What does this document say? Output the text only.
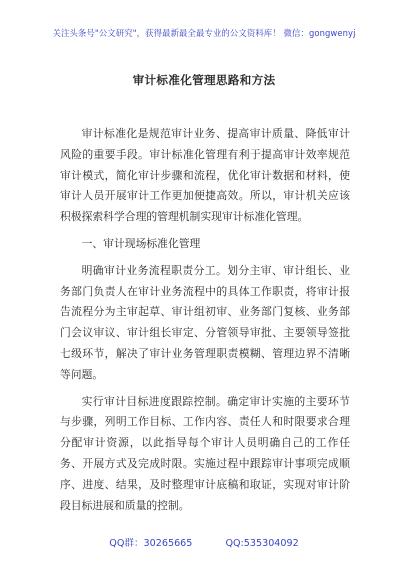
关注头条号"公文研究"，获得最新最全最专业的公文资料库！ 微信：gongwenyj
审计标准化管理思路和方法

审计标准化是规范审计业务、提高审计质量、降低审计风险的重要手段。审计标准化管理有利于提高审计效率规范审计模式，简化审计步骤和流程，优化审计数据和材料，使审计人员开展审计工作更加便捷高效。所以，审计机关应该积极探索科学合理的管理机制实现审计标准化管理。

一、审计现场标准化管理

明确审计业务流程职责分工。划分主审、审计组长、业务部门负责人在审计业务流程中的具体工作职责，将审计报告流程分为主审起草、审计组初审、业务部门复核、业务部门会议审议、审计组长审定、分管领导审批、主要领导签批七级环节，解决了审计业务管理职责模糊、管理边界不清晰等问题。

实行审计目标进度跟踪控制。确定审计实施的主要环节与步骤，列明工作目标、工作内容、责任人和时限要求合理分配审计资源，以此指导每个审计人员明确自己的工作任务、开展方式及完成时限。实施过程中跟踪审计事项完成顺序、进度、结果，及时整理审计底稿和取证，实现对审计阶段目标进展和质量的控制。

QQ群：30265665	QQ:535304092
